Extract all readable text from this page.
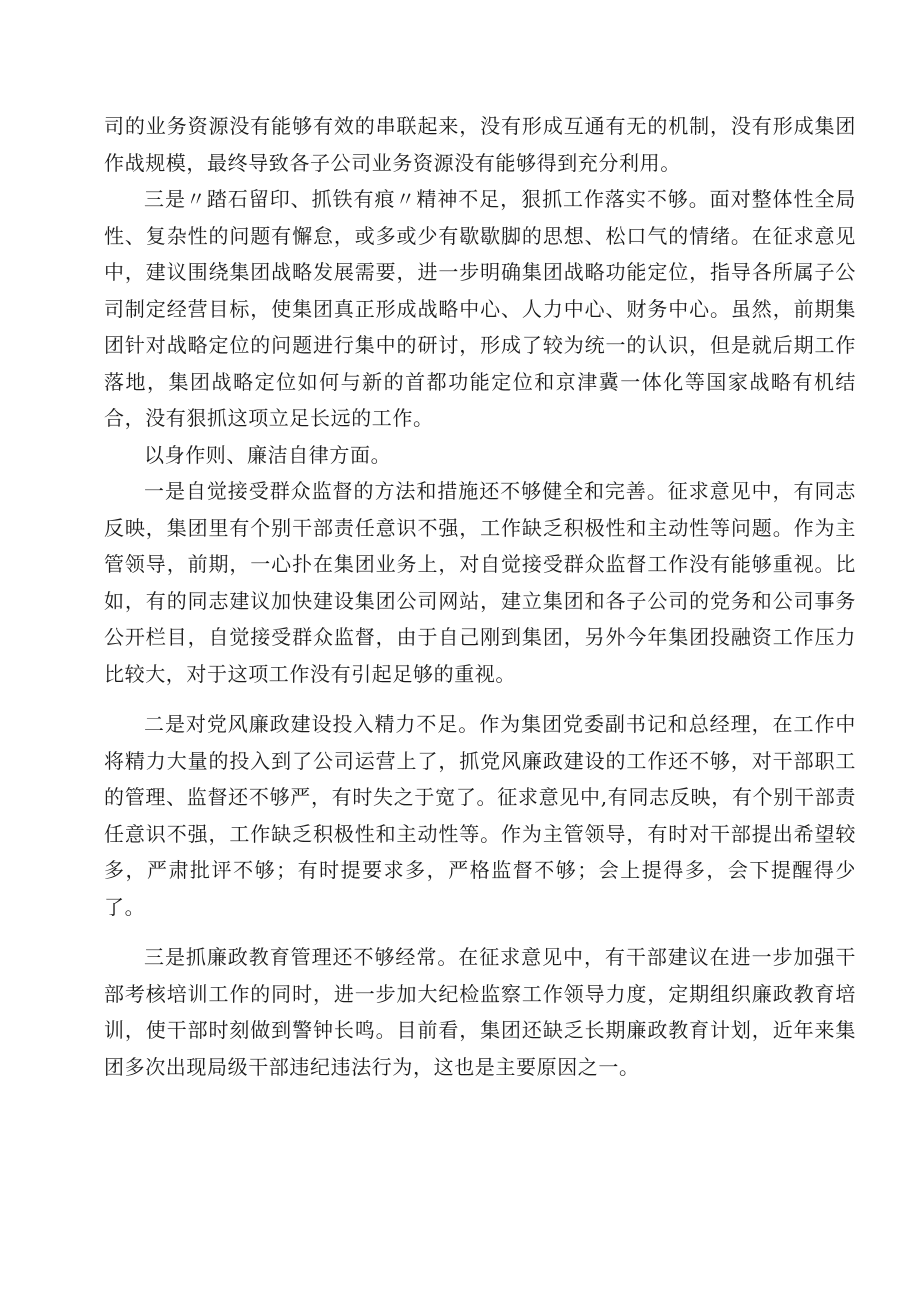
司的业务资源没有能够有效的串联起来，没有形成互通有无的机制，没有形成集团作战规模，最终导致各子公司业务资源没有能够得到充分利用。

三是〃踏石留印、抓铁有痕〃精神不足，狠抓工作落实不够。面对整体性全局性、复杂性的问题有懈怠，或多或少有歇歇脚的思想、松口气的情绪。在征求意见中，建议围绕集团战略发展需要，进一步明确集团战略功能定位，指导各所属子公司制定经营目标，使集团真正形成战略中心、人力中心、财务中心。虽然，前期集团针对战略定位的问题进行集中的研讨，形成了较为统一的认识，但是就后期工作落地，集团战略定位如何与新的首都功能定位和京津冀一体化等国家战略有机结合，没有狠抓这项立足长远的工作。

以身作则、廉洁自律方面。

一是自觉接受群众监督的方法和措施还不够健全和完善。征求意见中，有同志反映，集团里有个别干部责任意识不强，工作缺乏积极性和主动性等问题。作为主管领导，前期，一心扑在集团业务上，对自觉接受群众监督工作没有能够重视。比如，有的同志建议加快建设集团公司网站，建立集团和各子公司的党务和公司事务公开栏目，自觉接受群众监督，由于自己刚到集团，另外今年集团投融资工作压力比较大，对于这项工作没有引起足够的重视。

二是对党风廉政建设投入精力不足。作为集团党委副书记和总经理，在工作中将精力大量的投入到了公司运营上了，抓党风廉政建设的工作还不够，对干部职工的管理、监督还不够严，有时失之于宽了。征求意见中,有同志反映，有个别干部责任意识不强，工作缺乏积极性和主动性等。作为主管领导，有时对干部提出希望较多，严肃批评不够；有时提要求多，严格监督不够；会上提得多，会下提醒得少了。

三是抓廉政教育管理还不够经常。在征求意见中，有干部建议在进一步加强干部考核培训工作的同时，进一步加大纪检监察工作领导力度，定期组织廉政教育培训，使干部时刻做到警钟长鸣。目前看，集团还缺乏长期廉政教育计划，近年来集团多次出现局级干部违纪违法行为，这也是主要原因之一。
